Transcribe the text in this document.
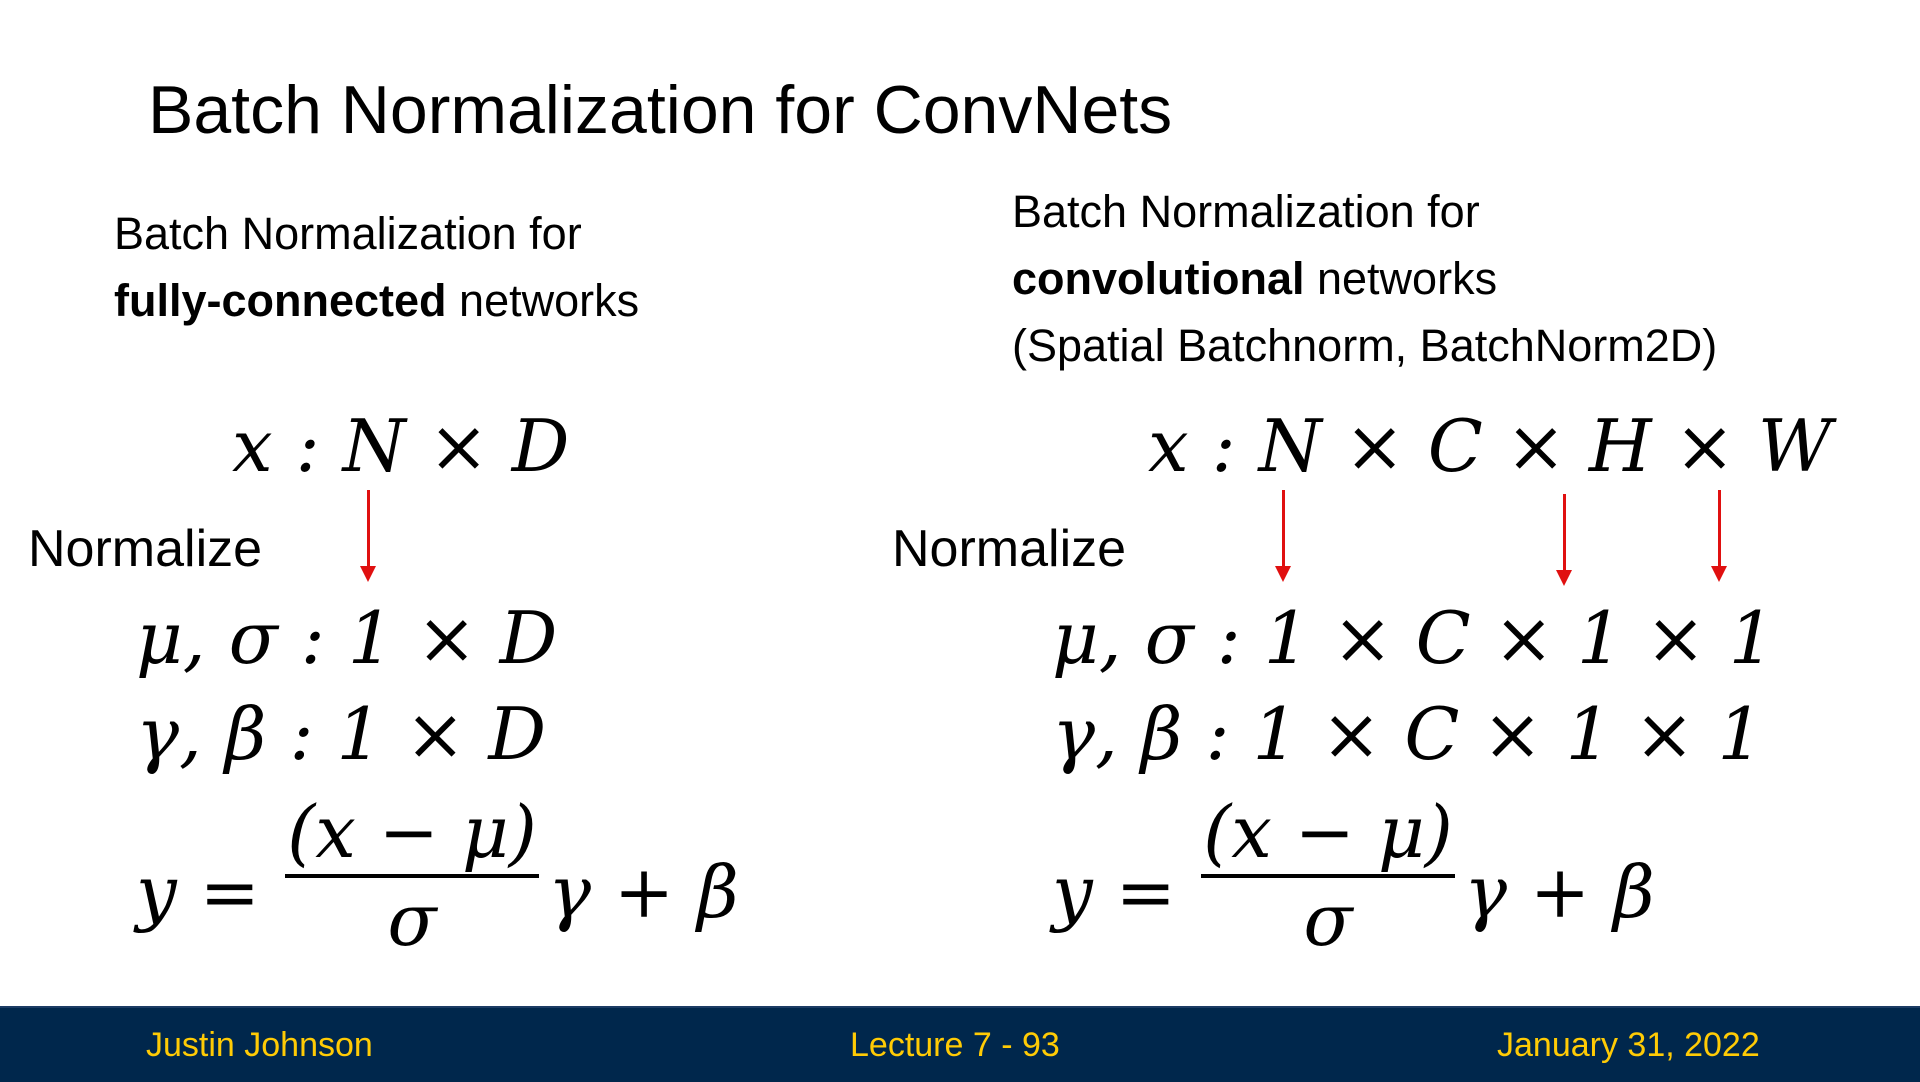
Batch Normalization for ConvNets
Batch Normalization for
fully-connected networks
x : N × D
Normalize
μ, σ : 1 × D
γ, β : 1 × D
y =
(x − μ)
σ	γ + β
Batch Normalization for
convolutional networks
(Spatial Batchnorm, BatchNorm2D)
x : N × C × H × W
Normalize
μ, σ : 1 × C × 1 × 1
γ, β : 1 × C × 1 × 1
y =
(x − μ)
σ	γ + β
Justin Johnson	Lecture 7 - 93	January 31, 2022
